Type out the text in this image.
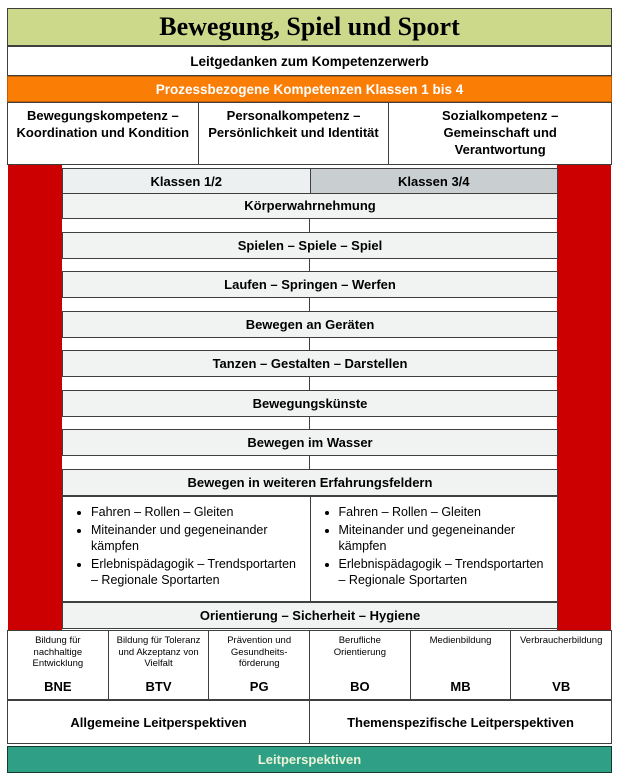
Bewegung, Spiel und Sport
Leitgedanken zum Kompetenzerwerb
Prozessbezogene Kompetenzen Klassen 1 bis 4
Bewegungskompetenz – Koordination und Kondition
Personalkompetenz – Persönlichkeit und Identität
Sozialkompetenz – Gemeinschaft und Verantwortung
Klassen 1/2	Klassen 3/4
Körperwahrnehmung
Spielen – Spiele – Spiel
Laufen – Springen – Werfen
Bewegen an Geräten
Tanzen – Gestalten – Darstellen
Bewegungskünste
Bewegen im Wasser
Bewegen in weiteren Erfahrungsfeldern
• Fahren – Rollen – Gleiten
• Miteinander und gegeneinander kämpfen
• Erlebnispädagogik – Trendsportarten – Regionale Sportarten
• Fahren – Rollen – Gleiten
• Miteinander und gegeneinander kämpfen
• Erlebnispädagogik – Trendsportarten – Regionale Sportarten
Orientierung – Sicherheit – Hygiene
Bildung für nachhaltige Entwicklung
BNE
Bildung für Toleranz und Akzeptanz von Vielfalt
BTV
Prävention und Gesundheitsförderung
PG
Berufliche Orientierung
BO
Medienbildung
MB
Verbraucherbildung
VB
Allgemeine Leitperspektiven	Themenspezifische Leitperspektiven
Leitperspektiven
